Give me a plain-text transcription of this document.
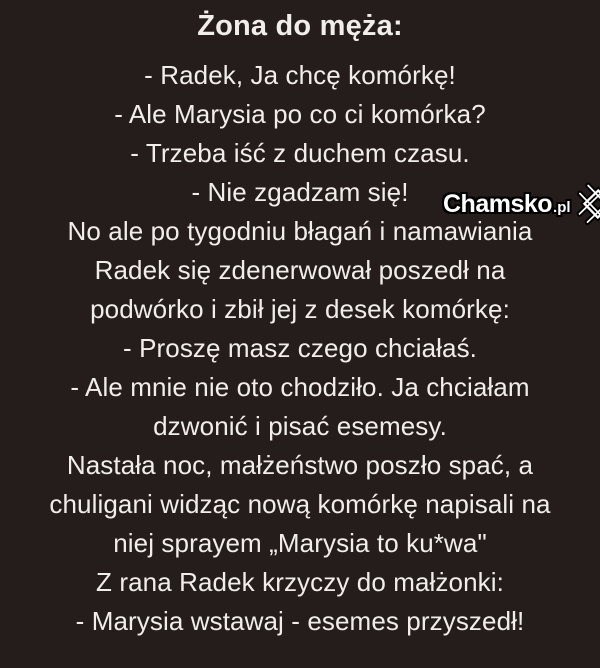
Żona do męża:
- Radek, Ja chcę komórkę!
- Ale Marysia po co ci komórka?
- Trzeba iść z duchem czasu.
- Nie zgadzam się!
No ale po tygodniu błagań i namawiania
Radek się zdenerwował poszedł na
podwórko i zbił jej z desek komórkę:
- Proszę masz czego chciałaś.
- Ale mnie nie oto chodziło. Ja chciałam
dzwonić i pisać esemesy.
Nastała noc, małżeństwo poszło spać, a
chuligani widząc nową komórkę napisali na
niej sprayem „Marysia to ku*wa"
Z rana Radek krzyczy do małżonki:
- Marysia wstawaj - esemes przyszedł!
Chamsko .pl
